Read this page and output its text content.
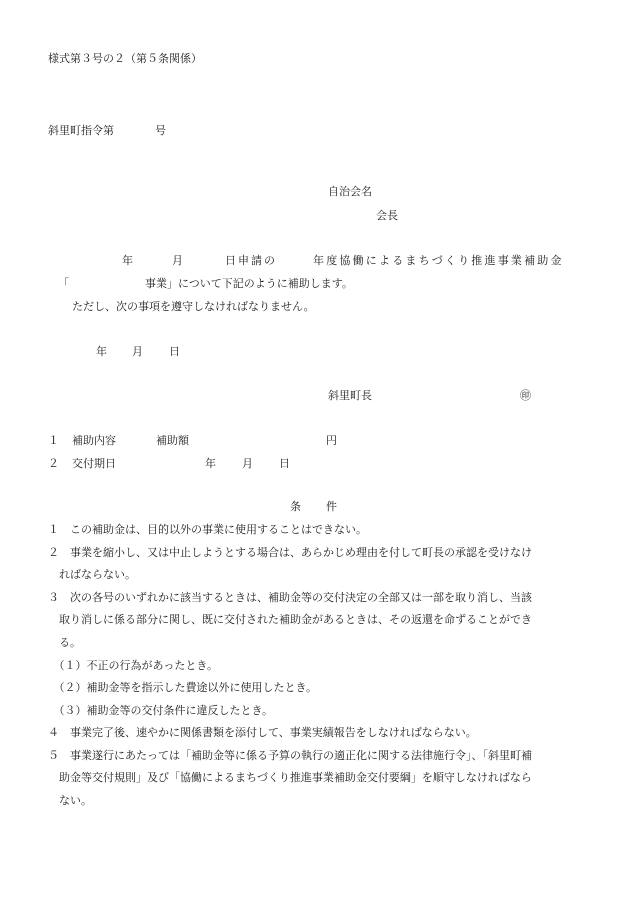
様式第３号の２（第５条関係）
斜里町指令第	号
自治会名
会長
年	月	日申請の	年度協働によるまちづくり推進事業補助金
「	事業」について下記のように補助します。
ただし、次の事項を遵守しなければなりません。
年 月 日
斜里町長	㊞
１ 補助内容	補助額	円
２ 交付期日	年 月 日
条 件
１　この補助金は、目的以外の事業に使用することはできない。
２　事業を縮小し、又は中止しようとする場合は、あらかじめ理由を付して町長の承認を受けなけ
　ればならない。
３　次の各号のいずれかに該当するときは、補助金等の交付決定の全部又は一部を取り消し、当該
　取り消しに係る部分に関し、既に交付された補助金があるときは、その返還を命ずることができ
　る。
　（１）不正の行為があったとき。
　（２）補助金等を指示した費途以外に使用したとき。
　（３）補助金等の交付条件に違反したとき。
４　事業完了後、速やかに関係書類を添付して、事業実績報告をしなければならない。
５　事業遂行にあたっては「補助金等に係る予算の執行の適正化に関する法律施行令」、「斜里町補
　助金等交付規則」及び「協働によるまちづくり推進事業補助金交付要綱」を順守しなければなら
　ない。
